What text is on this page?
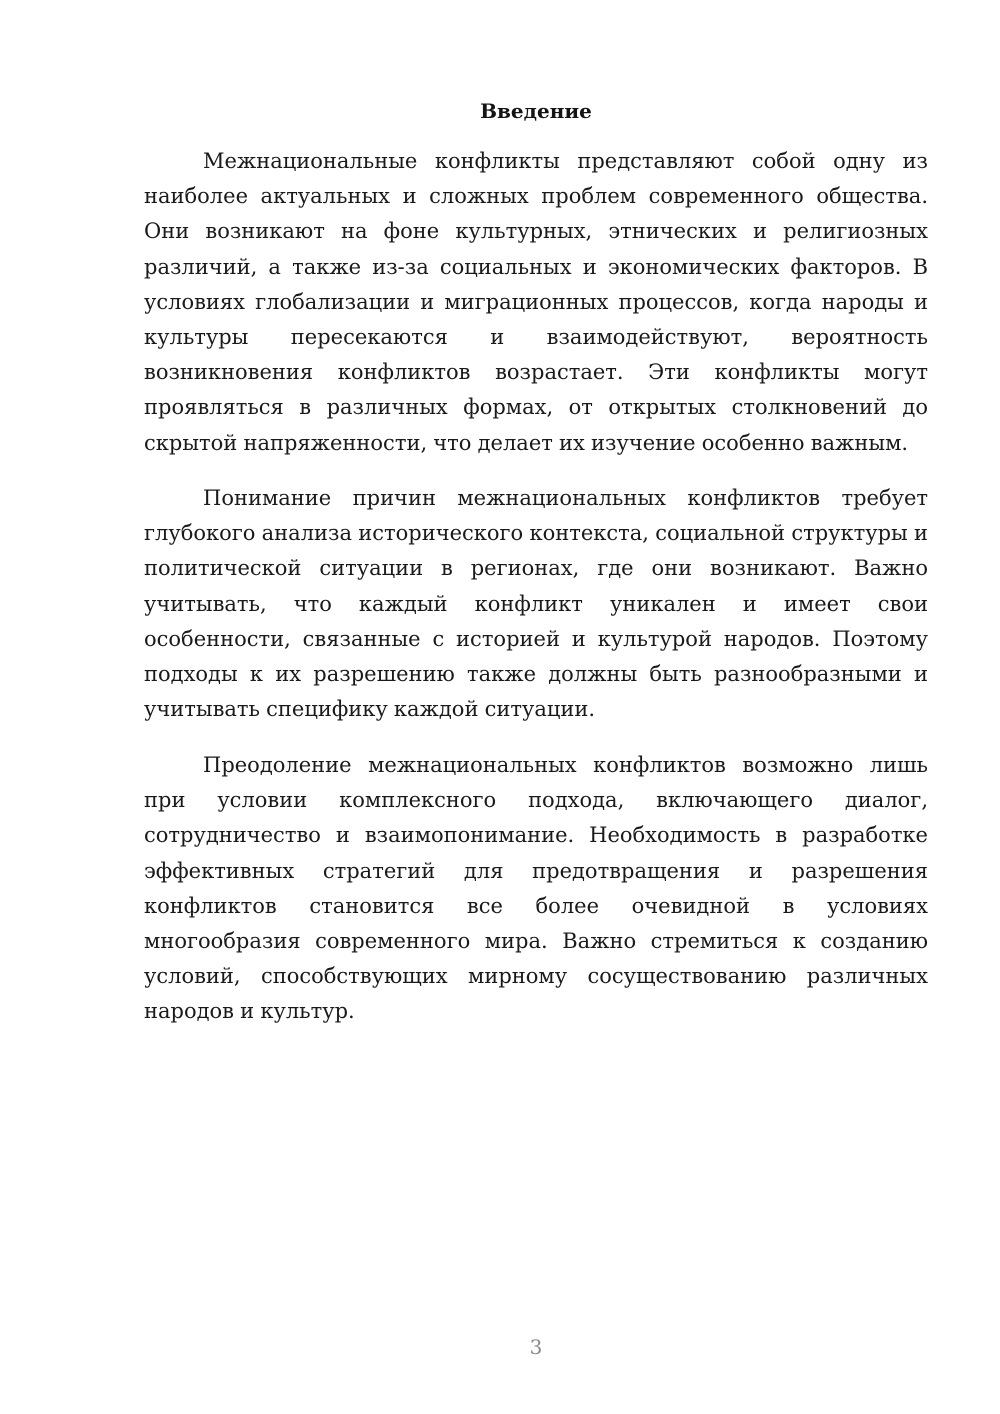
Введение

Межнациональные конфликты представляют собой одну из наиболее актуальных и сложных проблем современного общества. Они возникают на фоне культурных, этнических и религиозных различий, а также из-за социальных и экономических факторов. В условиях глобализации и миграционных процессов, когда народы и культуры пересекаются и взаимодействуют, вероятность возникновения конфликтов возрастает. Эти конфликты могут проявляться в различных формах, от открытых столкновений до скрытой напряженности, что делает их изучение особенно важным.

Понимание причин межнациональных конфликтов требует глубокого анализа исторического контекста, социальной структуры и политической ситуации в регионах, где они возникают. Важно учитывать, что каждый конфликт уникален и имеет свои особенности, связанные с историей и культурой народов. Поэтому подходы к их разрешению также должны быть разнообразными и учитывать специфику каждой ситуации.

Преодоление межнациональных конфликтов возможно лишь при условии комплексного подхода, включающего диалог, сотрудничество и взаимопонимание. Необходимость в разработке эффективных стратегий для предотвращения и разрешения конфликтов становится все более очевидной в условиях многообразия современного мира. Важно стремиться к созданию условий, способствующих мирному сосуществованию различных народов и культур.

3
